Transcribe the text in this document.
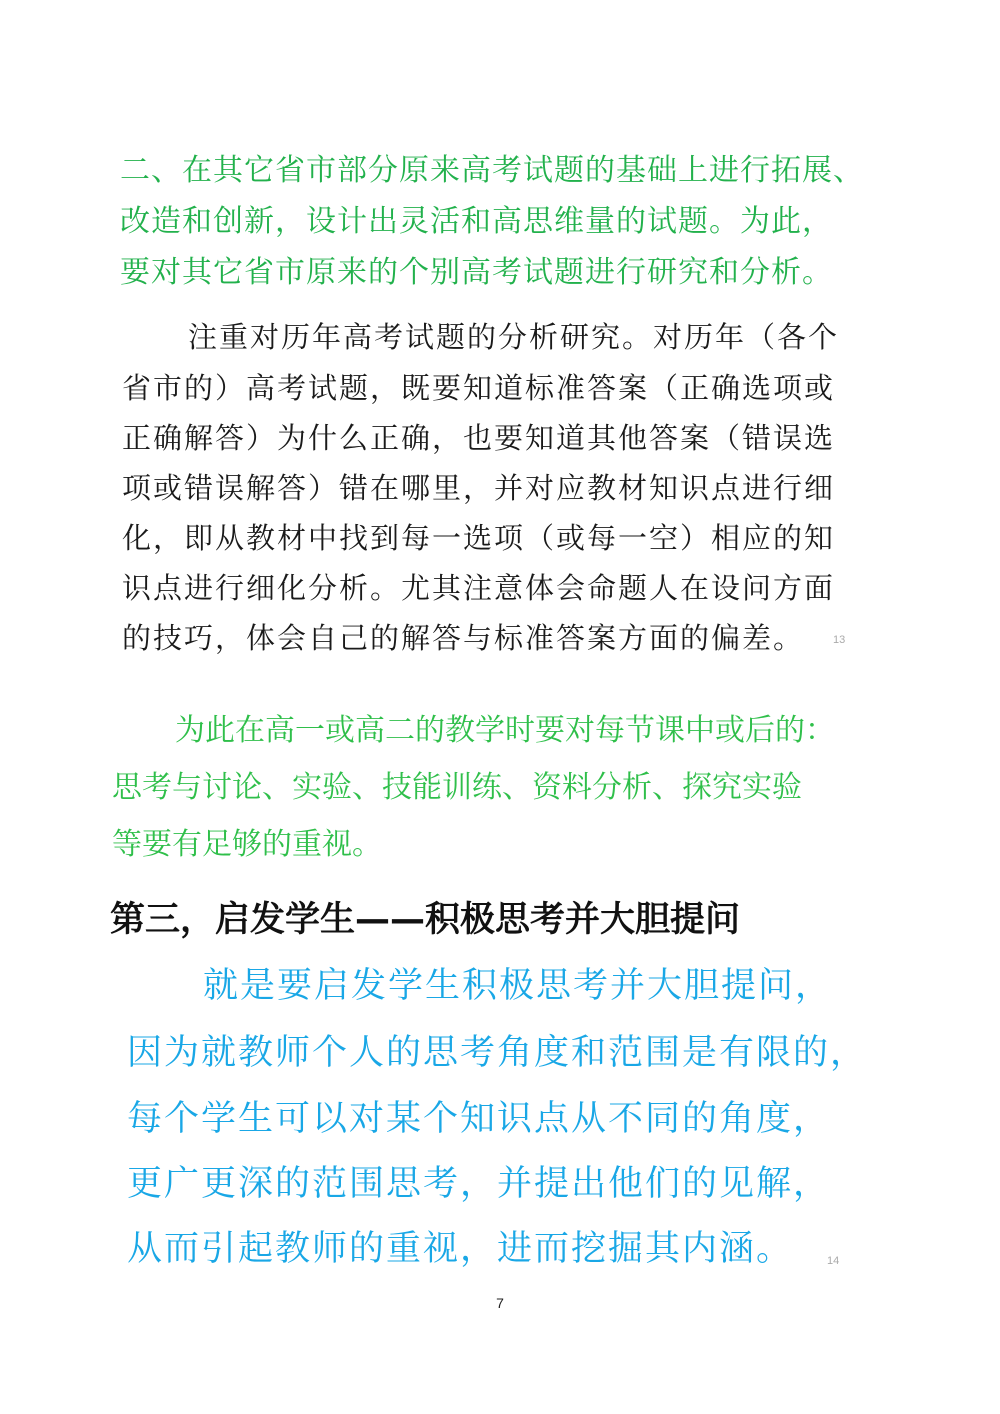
二、在其它省市部分原来高考试题的基础上进行拓展、
改造和创新，设计出灵活和高思维量的试题。为此，
要对其它省市原来的个别高考试题进行研究和分析。
注重对历年高考试题的分析研究。对历年（各个
省市的）高考试题，既要知道标准答案（正确选项或
正确解答）为什么正确，也要知道其他答案（错误选
项或错误解答）错在哪里，并对应教材知识点进行细
化，即从教材中找到每一选项（或每一空）相应的知
识点进行细化分析。尤其注意体会命题人在设问方面
的技巧，体会自己的解答与标准答案方面的偏差。	13
为此在高一或高二的教学时要对每节课中或后的：
思考与讨论、实验、技能训练、资料分析、探究实验
等要有足够的重视。
第三，启发学生——积极思考并大胆提问
就是要启发学生积极思考并大胆提问，
因为就教师个人的思考角度和范围是有限的，
每个学生可以对某个知识点从不同的角度，
更广更深的范围思考，并提出他们的见解，
从而引起教师的重视，进而挖掘其内涵。	14
7
